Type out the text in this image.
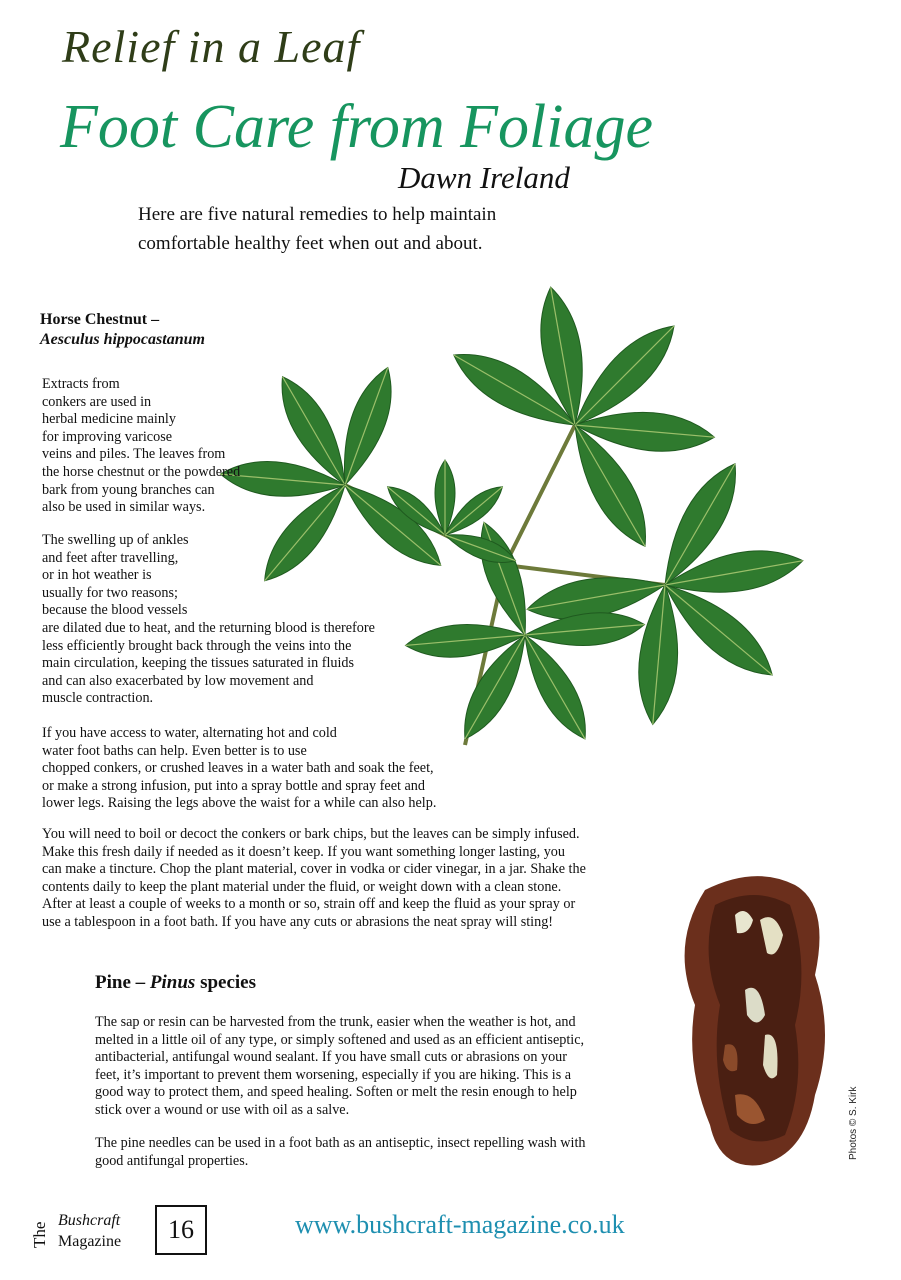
Relief in a Leaf
Foot Care from Foliage
Dawn Ireland
Here are five natural remedies to help maintain
comfortable healthy feet when out and about.
Horse Chestnut –
Aesculus hippocastanum
Extracts from
conkers are used in
herbal medicine mainly
for improving varicose
veins and piles. The leaves from
the horse chestnut or the powdered
bark from young branches can
also be used in similar ways.
The swelling up of ankles
and feet after travelling,
or in hot weather is
usually for two reasons;
because the blood vessels
are dilated due to heat, and the returning blood is therefore
less efficiently brought back through the veins into the
main circulation, keeping the tissues saturated in fluids
and can also exacerbated by low movement and
muscle contraction.
If you have access to water, alternating hot and cold
water foot baths can help. Even better is to use
chopped conkers, or crushed leaves in a water bath and soak the feet,
or make a strong infusion, put into a spray bottle and spray feet and
lower legs. Raising the legs above the waist for a while can also help.
You will need to boil or decoct the conkers or bark chips, but the leaves can be simply infused.
Make this fresh daily if needed as it doesn’t keep. If you want something longer lasting, you
can make a tincture. Chop the plant material, cover in vodka or cider vinegar, in a jar. Shake the
contents daily to keep the plant material under the fluid, or weight down with a clean stone.
After at least a couple of weeks to a month or so, strain off and keep the fluid as your spray or
use a tablespoon in a foot bath. If you have any cuts or abrasions the neat spray will sting!
Pine – Pinus species
The sap or resin can be harvested from the trunk, easier when the weather is hot, and
melted in a little oil of any type, or simply softened and used as an efficient antiseptic,
antibacterial, antifungal wound sealant. If you have small cuts or abrasions on your
feet, it’s important to prevent them worsening, especially if you are hiking. This is a
good way to protect them, and speed healing. Soften or melt the resin enough to help
stick over a wound or use with oil as a salve.
The pine needles can be used in a foot bath as an antiseptic, insect repelling wash with
good antifungal properties.
Photos © S. Kirk
The
Bushcraft
Magazine	16	www.bushcraft-magazine.co.uk
